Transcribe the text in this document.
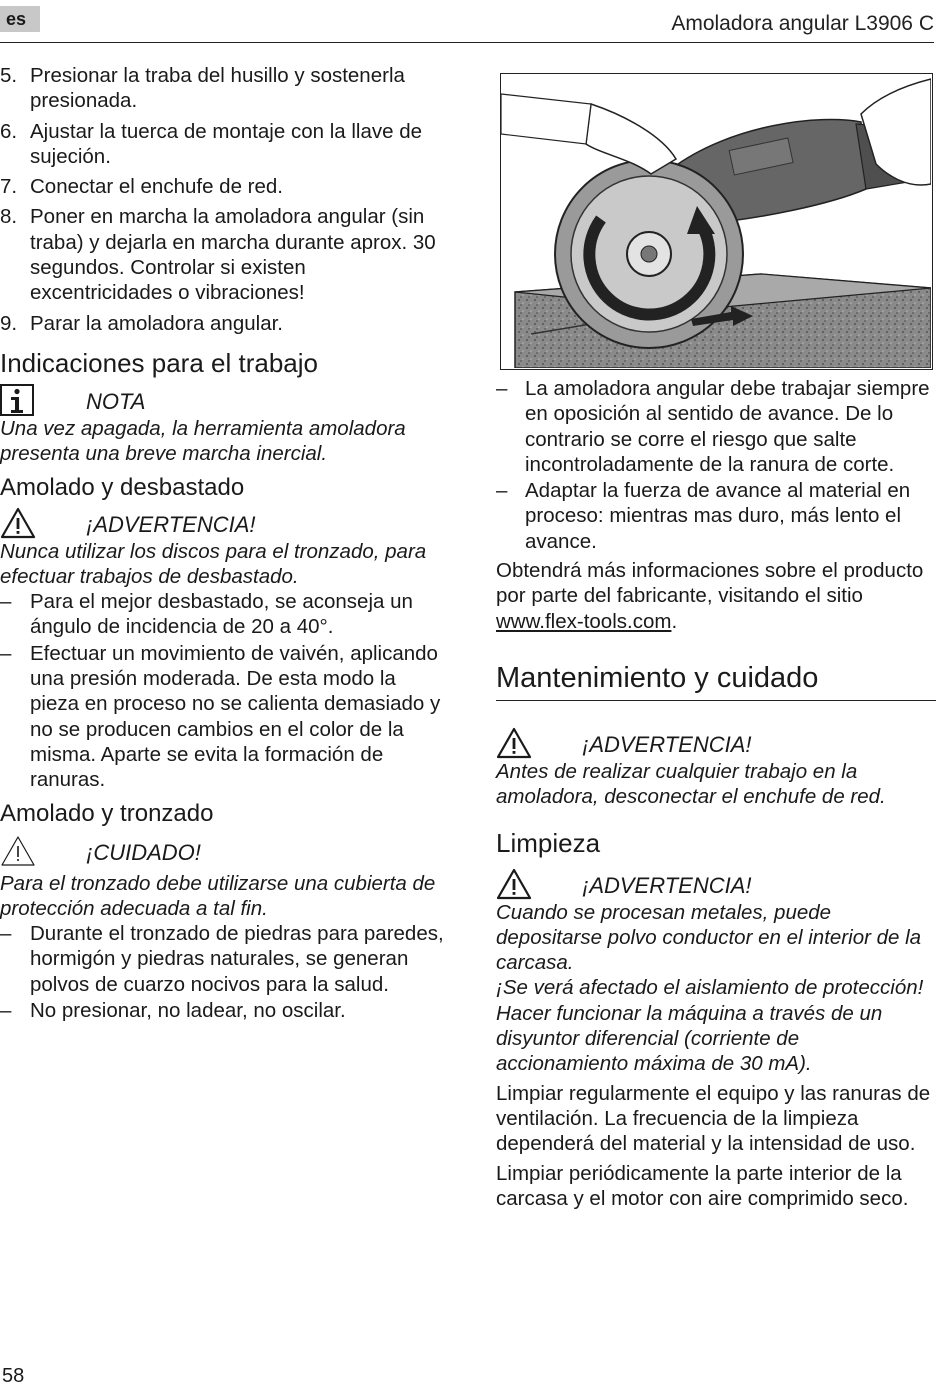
es	Amoladora angular L3906 C
5. Presionar la traba del husillo y sostenerla presionada.
6. Ajustar la tuerca de montaje con la llave de sujeción.
7. Conectar el enchufe de red.
8. Poner en marcha la amoladora angular (sin traba) y dejarla en marcha durante aprox. 30 segundos. Controlar si existen excentricidades o vibraciones!
9. Parar la amoladora angular.
Indicaciones para el trabajo
NOTA

Una vez apagada, la herramienta amoladora presenta una breve marcha inercial.

Amolado y desbastado
¡ADVERTENCIA!

Nunca utilizar los discos para el tronzado, para efectuar trabajos de desbastado.

– Para el mejor desbastado, se aconseja un ángulo de incidencia de 20 a 40°.
– Efectuar un movimiento de vaivén, aplicando una presión moderada. De esta modo la pieza en proceso no se calienta demasiado y no se producen cambios en el color de la misma. Aparte se evita la formación de ranuras.
Amolado y tronzado
¡CUIDADO!

Para el tronzado debe utilizarse una cubierta de protección adecuada a tal fin.

– Durante el tronzado de piedras para paredes, hormigón y piedras naturales, se generan polvos de cuarzo nocivos para la salud.
– No presionar, no ladear, no oscilar.
– La amoladora angular debe trabajar siempre en oposición al sentido de avance. De lo contrario se corre el riesgo que salte incontroladamente de la ranura de corte.
– Adaptar la fuerza de avance al material en proceso: mientras mas duro, más lento el avance.

Obtendrá más informaciones sobre el producto por parte del fabricante, visitando el sitio www.flex-tools.com.

Mantenimiento y cuidado
¡ADVERTENCIA!

Antes de realizar cualquier trabajo en la amoladora, desconectar el enchufe de red.

Limpieza
¡ADVERTENCIA!

Cuando se procesan metales, puede depositarse polvo conductor en el interior de la carcasa.

¡Se verá afectado el aislamiento de protección!

Hacer funcionar la máquina a través de un disyuntor diferencial (corriente de accionamiento máxima de 30 mA).

Limpiar regularmente el equipo y las ranuras de ventilación. La frecuencia de la limpieza dependerá del material y la intensidad de uso.

Limpiar periódicamente la parte interior de la carcasa y el motor con aire comprimido seco.

58
